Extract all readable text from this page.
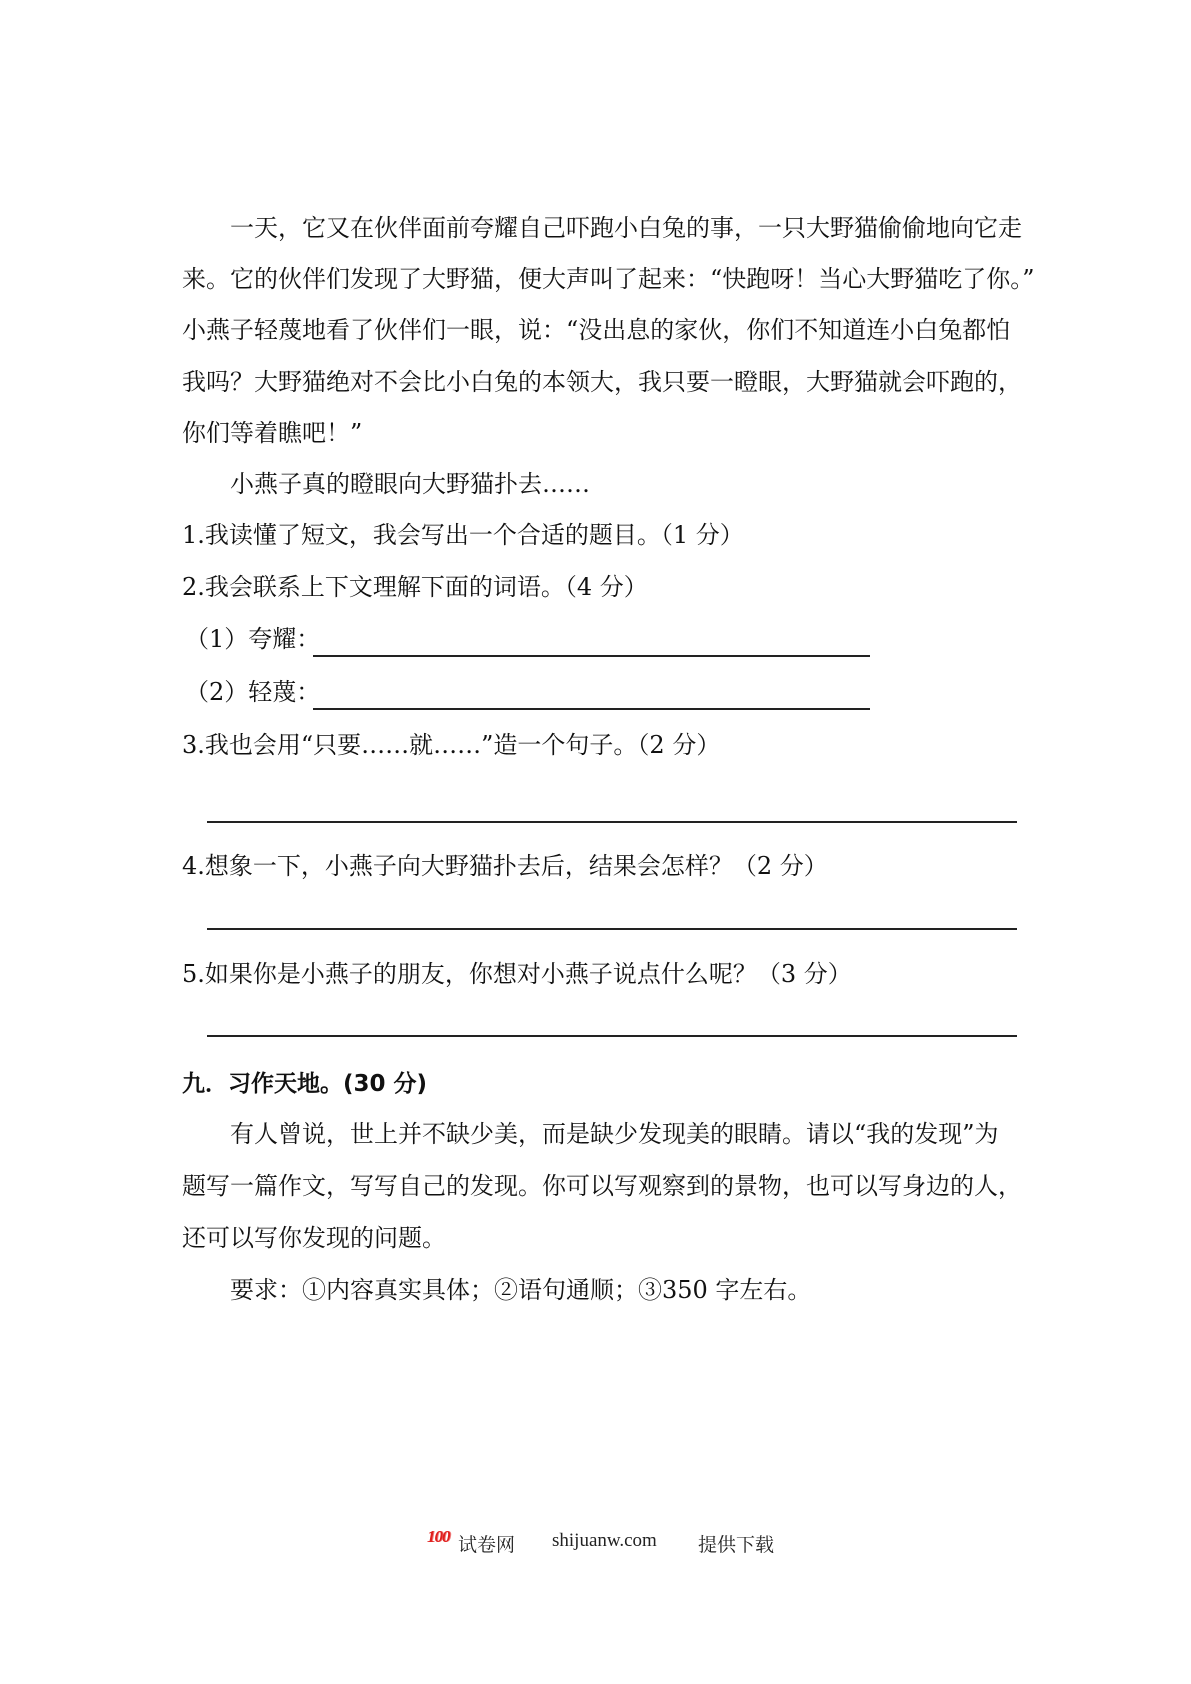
一天，它又在伙伴面前夸耀自己吓跑小白兔的事，一只大野猫偷偷地向它走
来。它的伙伴们发现了大野猫，便大声叫了起来：“快跑呀！当心大野猫吃了你。”
小燕子轻蔑地看了伙伴们一眼，说：“没出息的家伙，你们不知道连小白兔都怕
我吗？大野猫绝对不会比小白兔的本领大，我只要一瞪眼，大野猫就会吓跑的，
你们等着瞧吧！”
小燕子真的瞪眼向大野猫扑去……
1.我读懂了短文，我会写出一个合适的题目。（1 分）
2.我会联系上下文理解下面的词语。（4 分）
（1）夸耀：
（2）轻蔑：
3.我也会用“只要……就……”造一个句子。（2 分）
4.想象一下，小燕子向大野猫扑去后，结果会怎样？（2 分）
5.如果你是小燕子的朋友，你想对小燕子说点什么呢？（3 分）
九．习作天地。(30 分)
有人曾说，世上并不缺少美，而是缺少发现美的眼睛。请以“我的发现”为
题写一篇作文，写写自己的发现。你可以写观察到的景物，也可以写身边的人，
还可以写你发现的问题。
要求：①内容真实具体；②语句通顺；③350 字左右。
100 试卷网 shijuanw.com 提供下载
